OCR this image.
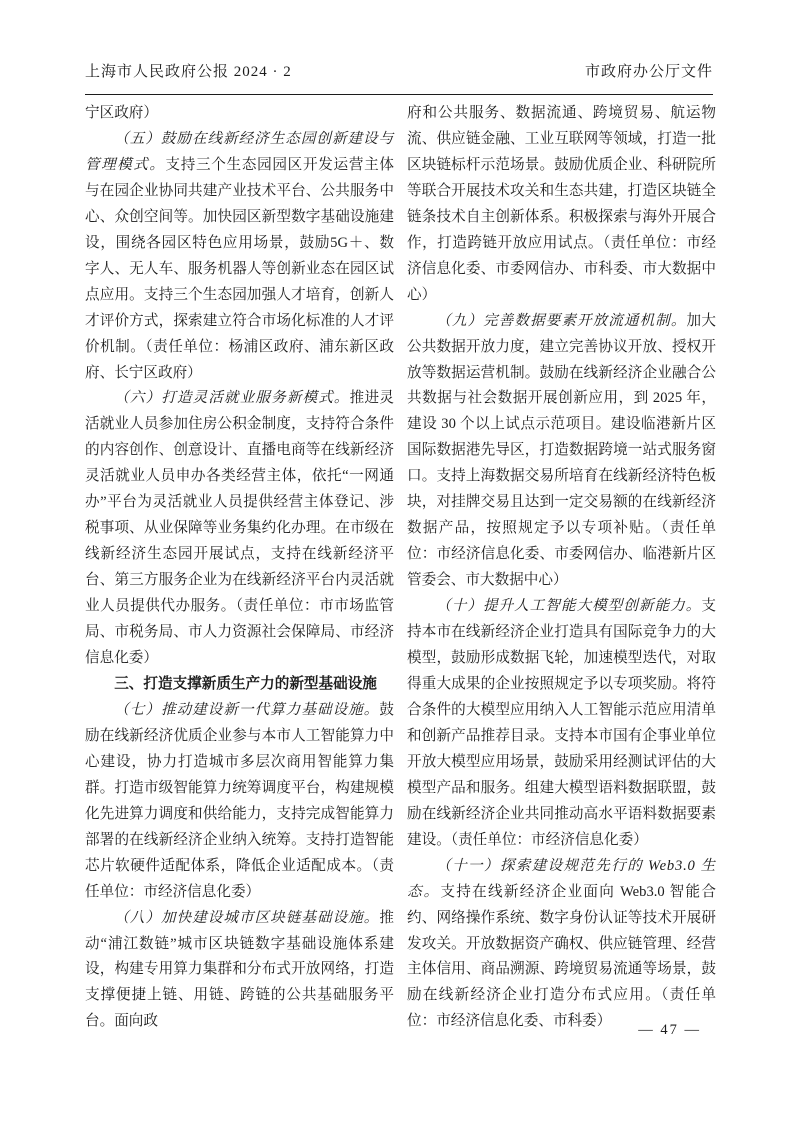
上海市人民政府公报 2024 · 2	市政府办公厅文件

宁区政府）

（五）鼓励在线新经济生态园创新建设与管理模式。支持三个生态园园区开发运营主体与在园企业协同共建产业技术平台、公共服务中心、众创空间等。加快园区新型数字基础设施建设，围绕各园区特色应用场景，鼓励5G＋、数字人、无人车、服务机器人等创新业态在园区试点应用。支持三个生态园加强人才培育，创新人才评价方式，探索建立符合市场化标准的人才评价机制。（责任单位：杨浦区政府、浦东新区政府、长宁区政府）

（六）打造灵活就业服务新模式。推进灵活就业人员参加住房公积金制度，支持符合条件的内容创作、创意设计、直播电商等在线新经济灵活就业人员申办各类经营主体，依托“一网通办”平台为灵活就业人员提供经营主体登记、涉税事项、从业保障等业务集约化办理。在市级在线新经济生态园开展试点，支持在线新经济平台、第三方服务企业为在线新经济平台内灵活就业人员提供代办服务。（责任单位：市市场监管局、市税务局、市人力资源社会保障局、市经济信息化委）

三、打造支撑新质生产力的新型基础设施

（七）推动建设新一代算力基础设施。鼓励在线新经济优质企业参与本市人工智能算力中心建设，协力打造城市多层次商用智能算力集群。打造市级智能算力统筹调度平台，构建规模化先进算力调度和供给能力，支持完成智能算力部署的在线新经济企业纳入统筹。支持打造智能芯片软硬件适配体系，降低企业适配成本。（责任单位：市经济信息化委）

（八）加快建设城市区块链基础设施。推动“浦江数链”城市区块链数字基础设施体系建设，构建专用算力集群和分布式开放网络，打造支撑便捷上链、用链、跨链的公共基础服务平台。面向政

府和公共服务、数据流通、跨境贸易、航运物流、供应链金融、工业互联网等领域，打造一批区块链标杆示范场景。鼓励优质企业、科研院所等联合开展技术攻关和生态共建，打造区块链全链条技术自主创新体系。积极探索与海外开展合作，打造跨链开放应用试点。（责任单位：市经济信息化委、市委网信办、市科委、市大数据中心）

（九）完善数据要素开放流通机制。加大公共数据开放力度，建立完善协议开放、授权开放等数据运营机制。鼓励在线新经济企业融合公共数据与社会数据开展创新应用，到 2025 年，建设 30 个以上试点示范项目。建设临港新片区国际数据港先导区，打造数据跨境一站式服务窗口。支持上海数据交易所培育在线新经济特色板块，对挂牌交易且达到一定交易额的在线新经济数据产品，按照规定予以专项补贴。（责任单位：市经济信息化委、市委网信办、临港新片区管委会、市大数据中心）

（十）提升人工智能大模型创新能力。支持本市在线新经济企业打造具有国际竞争力的大模型，鼓励形成数据飞轮，加速模型迭代，对取得重大成果的企业按照规定予以专项奖励。将符合条件的大模型应用纳入人工智能示范应用清单和创新产品推荐目录。支持本市国有企事业单位开放大模型应用场景，鼓励采用经测试评估的大模型产品和服务。组建大模型语料数据联盟，鼓励在线新经济企业共同推动高水平语料数据要素建设。（责任单位：市经济信息化委）

（十一）探索建设规范先行的 Web3.0 生态。支持在线新经济企业面向 Web3.0 智能合约、网络操作系统、数字身份认证等技术开展研发攻关。开放数据资产确权、供应链管理、经营主体信用、商品溯源、跨境贸易流通等场景，鼓励在线新经济企业打造分布式应用。（责任单位：市经济信息化委、市科委）

— 47 —
